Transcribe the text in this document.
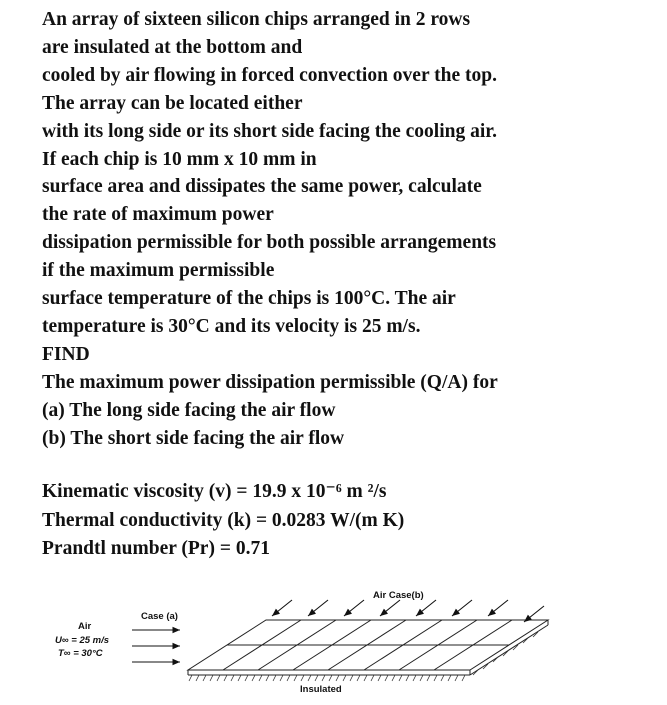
An array of sixteen silicon chips arranged in 2 rows
are insulated at the bottom and
cooled by air flowing in forced convection over the top.
The array can be located either
with its long side or its short side facing the cooling air.
If each chip is 10 mm x 10 mm in
surface area and dissipates the same power, calculate
the rate of maximum power
dissipation permissible for both possible arrangements
if the maximum permissible
surface temperature of the chips is 100°C. The air
temperature is 30°C and its velocity is 25 m/s.
FIND
The maximum power dissipation permissible (Q/A) for
(a) The long side facing the air flow
(b) The short side facing the air flow
Kinematic viscosity (v) = 19.9 x 10⁻⁶ m ²/s
Thermal conductivity (k) = 0.0283 W/(m K)
Prandtl number (Pr) = 0.71
Case (a)
Air Case(b)
Air
U∞ = 25 m/s
T∞ = 30°C
Insulated
